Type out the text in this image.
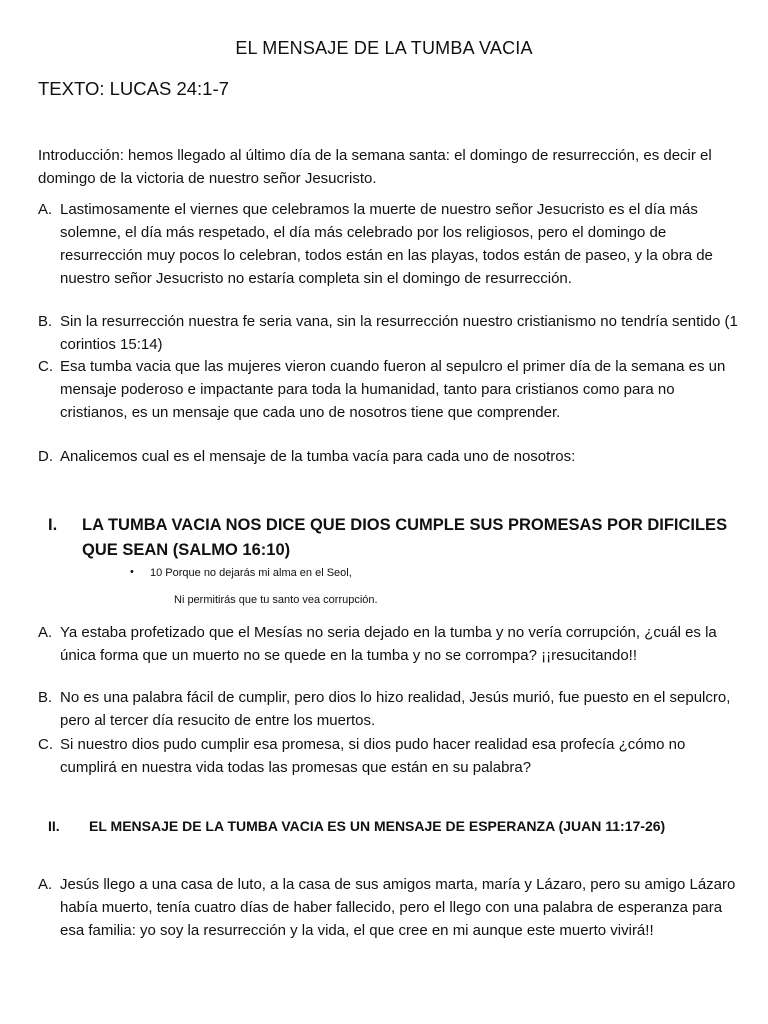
EL MENSAJE DE LA TUMBA VACIA
TEXTO: LUCAS 24:1-7
Introducción: hemos llegado al último día de la semana santa: el domingo de resurrección, es decir el domingo de la victoria de nuestro señor Jesucristo.
A. Lastimosamente el viernes que celebramos la muerte de nuestro señor Jesucristo es el día más solemne, el día más respetado, el día más celebrado por los religiosos, pero el domingo de resurrección muy pocos lo celebran, todos están en las playas, todos están de paseo, y la obra de nuestro señor Jesucristo no estaría completa sin el domingo de resurrección.
B. Sin la resurrección nuestra fe seria vana, sin la resurrección nuestro cristianismo no tendría sentido (1 corintios 15:14)
C. Esa tumba vacia que las mujeres vieron cuando fueron al sepulcro el primer día de la semana es un mensaje poderoso e impactante para toda la humanidad, tanto para cristianos como para no cristianos, es un mensaje que cada uno de nosotros tiene que comprender.
D. Analicemos cual es el mensaje de la tumba vacía para cada uno de nosotros:
I. LA TUMBA VACIA NOS DICE QUE DIOS CUMPLE SUS PROMESAS POR DIFICILES QUE SEAN (SALMO 16:10)
• 10 Porque no dejarás mi alma en el Seol,
Ni permitirás que tu santo vea corrupción.
A. Ya estaba profetizado que el Mesías no seria dejado en la tumba y no vería corrupción, ¿cuál es la única forma que un muerto no se quede en la tumba y no se corrompa? ¡¡resucitando!!
B. No es una palabra fácil de cumplir, pero dios lo hizo realidad, Jesús murió, fue puesto en el sepulcro, pero al tercer día resucito de entre los muertos.
C. Si nuestro dios pudo cumplir esa promesa, si dios pudo hacer realidad esa profecía ¿cómo no cumplirá en nuestra vida todas las promesas que están en su palabra?
II. EL MENSAJE DE LA TUMBA VACIA ES UN MENSAJE DE ESPERANZA (JUAN 11:17-26)
A. Jesús llego a una casa de luto, a la casa de sus amigos marta, maría y Lázaro, pero su amigo Lázaro había muerto, tenía cuatro días de haber fallecido, pero el llego con una palabra de esperanza para esa familia: yo soy la resurrección y la vida, el que cree en mi aunque este muerto vivirá!!
